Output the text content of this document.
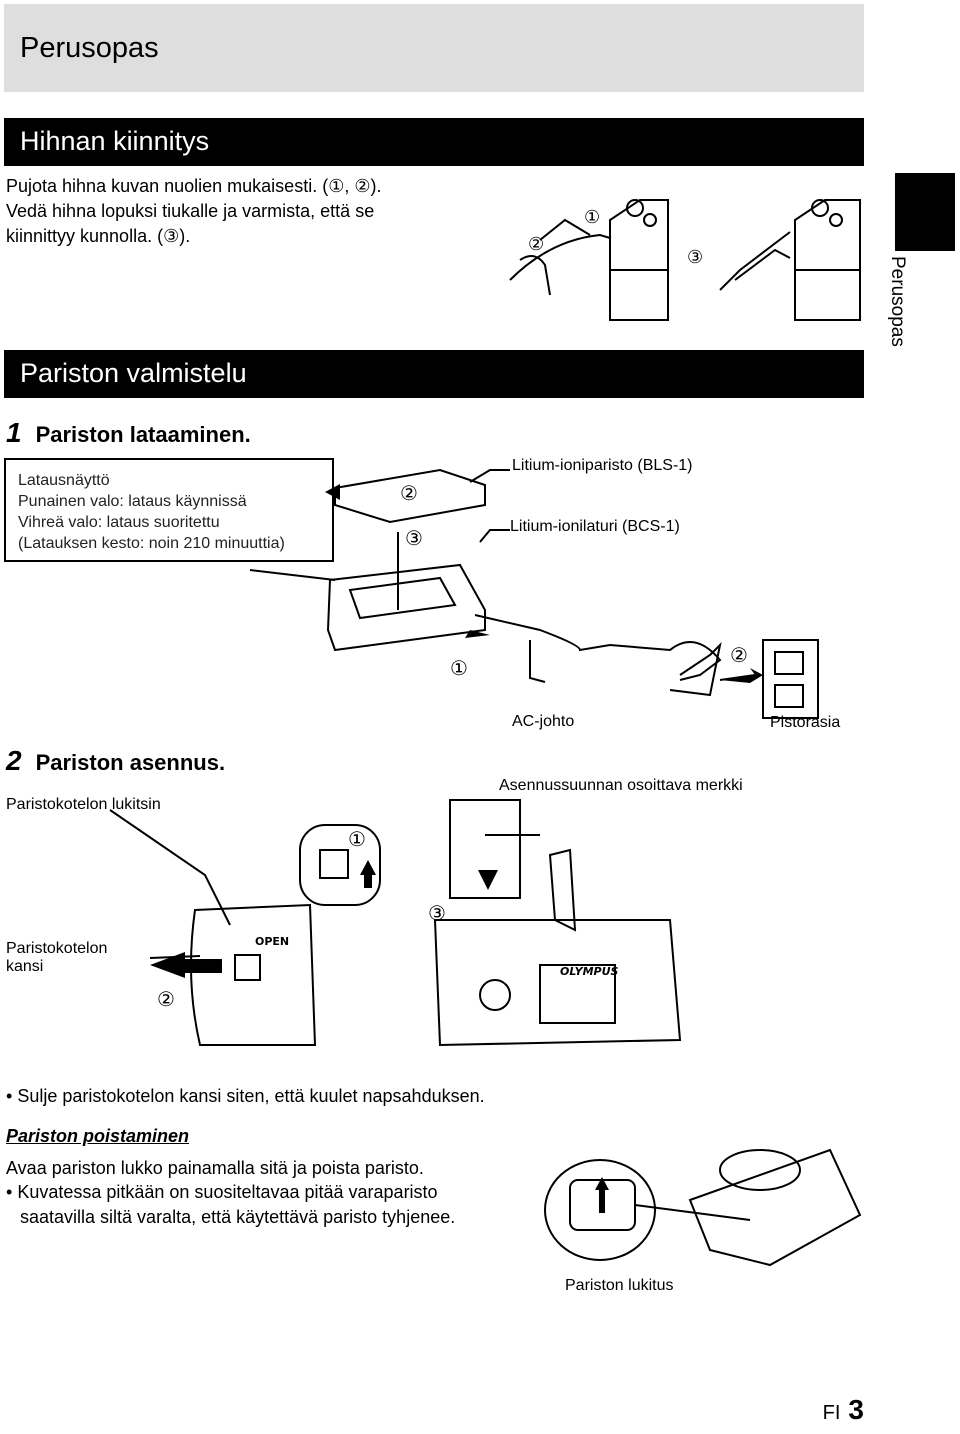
Perusopas
Perusopas
Hihnan kiinnitys
Pujota hihna kuvan nuolien mukaisesti. (①, ②).
Vedä hihna lopuksi tiukalle ja varmista, että se
kiinnittyy kunnolla. (③).
①
②
③
Pariston valmistelu
1 Pariston lataaminen.

Latausnäyttö

Punainen valo: lataus käynnissä

Vihreä valo: lataus suoritettu

(Latauksen kesto: noin 210 minuuttia)

Litium-ioniparisto (BLS-1)
Litium-ionilaturi (BCS-1)
AC-johto	Pistorasia
②
③
①
②
2 Pariston asennus.
Paristokotelon lukitsin
Asennussuunnan osoittava merkki
Paristokotelon
kansi
①
②
③
OPEN
OLYMPUS
• Sulje paristokotelon kansi siten, että kuulet napsahduksen.
Pariston poistaminen
Avaa pariston lukko painamalla sitä ja poista paristo.
• Kuvatessa pitkään on suositeltavaa pitää varaparisto
saatavilla siltä varalta, että käytettävä paristo tyhjenee.
Pariston lukitus
FI 3
